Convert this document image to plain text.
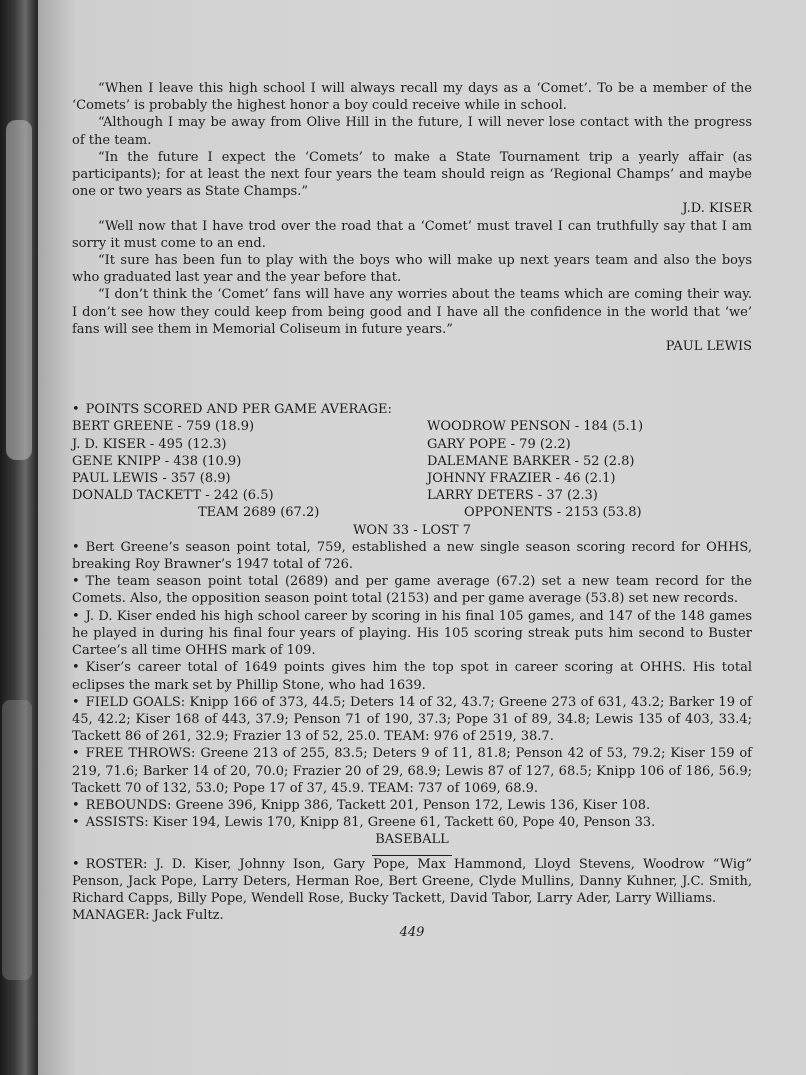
“When I leave this high school I will always recall my days as a ‘Comet’. To be a member of the ‘Comets’ is probably the highest honor a boy could receive while in school.

“Although I may be away from Olive Hill in the future, I will never lose contact with the progress of the team.

“In the future I expect the ‘Comets’ to make a State Tournament trip a yearly affair (as participants); for at least the next four years the team should reign as ‘Regional Champs’ and maybe one or two years as State Champs.”

J.D. KISER

“Well now that I have trod over the road that a ‘Comet’ must travel I can truthfully say that I am sorry it must come to an end.

“It sure has been fun to play with the boys who will make up next years team and also the boys who graduated last year and the year before that.

“I don’t think the ‘Comet’ fans will have any worries about the teams which are coming their way. I don’t see how they could keep from being good and I have all the confidence in the world that ‘we’ fans will see them in Memorial Coliseum in future years.”

PAUL LEWIS

• POINTS SCORED AND PER GAME AVERAGE:

BERT GREENE - 759 (18.9)
J. D. KISER - 495 (12.3)
GENE KNIPP - 438 (10.9)
PAUL LEWIS - 357 (8.9)
DONALD TACKETT - 242 (6.5)
WOODROW PENSON - 184 (5.1)
GARY POPE - 79 (2.2)
DALEMANE BARKER - 52 (2.8)
JOHNNY FRAZIER - 46 (2.1)
LARRY DETERS - 37 (2.3)
TEAM 2689 (67.2)	OPPONENTS - 2153 (53.8)

WON 33 - LOST 7

• Bert Greene’s season point total, 759, established a new single season scoring record for OHHS, breaking Roy Brawner’s 1947 total of 726.

• The team season point total (2689) and per game average (67.2) set a new team record for the Comets. Also, the opposition season point total (2153) and per game average (53.8) set new records.

• J. D. Kiser ended his high school career by scoring in his final 105 games, and 147 of the 148 games he played in during his final four years of playing. His 105 scoring streak puts him second to Buster Cartee’s all time OHHS mark of 109.

• Kiser’s career total of 1649 points gives him the top spot in career scoring at OHHS. His total eclipses the mark set by Phillip Stone, who had 1639.

• FIELD GOALS: Knipp 166 of 373, 44.5; Deters 14 of 32, 43.7; Greene 273 of 631, 43.2; Barker 19 of 45, 42.2; Kiser 168 of 443, 37.9; Penson 71 of 190, 37.3; Pope 31 of 89, 34.8; Lewis 135 of 403, 33.4; Tackett 86 of 261, 32.9; Frazier 13 of 52, 25.0. TEAM: 976 of 2519, 38.7.

• FREE THROWS: Greene 213 of 255, 83.5; Deters 9 of 11, 81.8; Penson 42 of 53, 79.2; Kiser 159 of 219, 71.6; Barker 14 of 20, 70.0; Frazier 20 of 29, 68.9; Lewis 87 of 127, 68.5; Knipp 106 of 186, 56.9; Tackett 70 of 132, 53.0; Pope 17 of 37, 45.9. TEAM: 737 of 1069, 68.9.

• REBOUNDS: Greene 396, Knipp 386, Tackett 201, Penson 172, Lewis 136, Kiser 108.

• ASSISTS: Kiser 194, Lewis 170, Knipp 81, Greene 61, Tackett 60, Pope 40, Penson 33.

BASEBALL

• ROSTER: J. D. Kiser, Johnny Ison, Gary Pope, Max Hammond, Lloyd Stevens, Woodrow “Wig” Penson, Jack Pope, Larry Deters, Herman Roe, Bert Greene, Clyde Mullins, Danny Kuhner, J.C. Smith, Richard Capps, Billy Pope, Wendell Rose, Bucky Tackett, David Tabor, Larry Ader, Larry Williams.

MANAGER: Jack Fultz.

449
